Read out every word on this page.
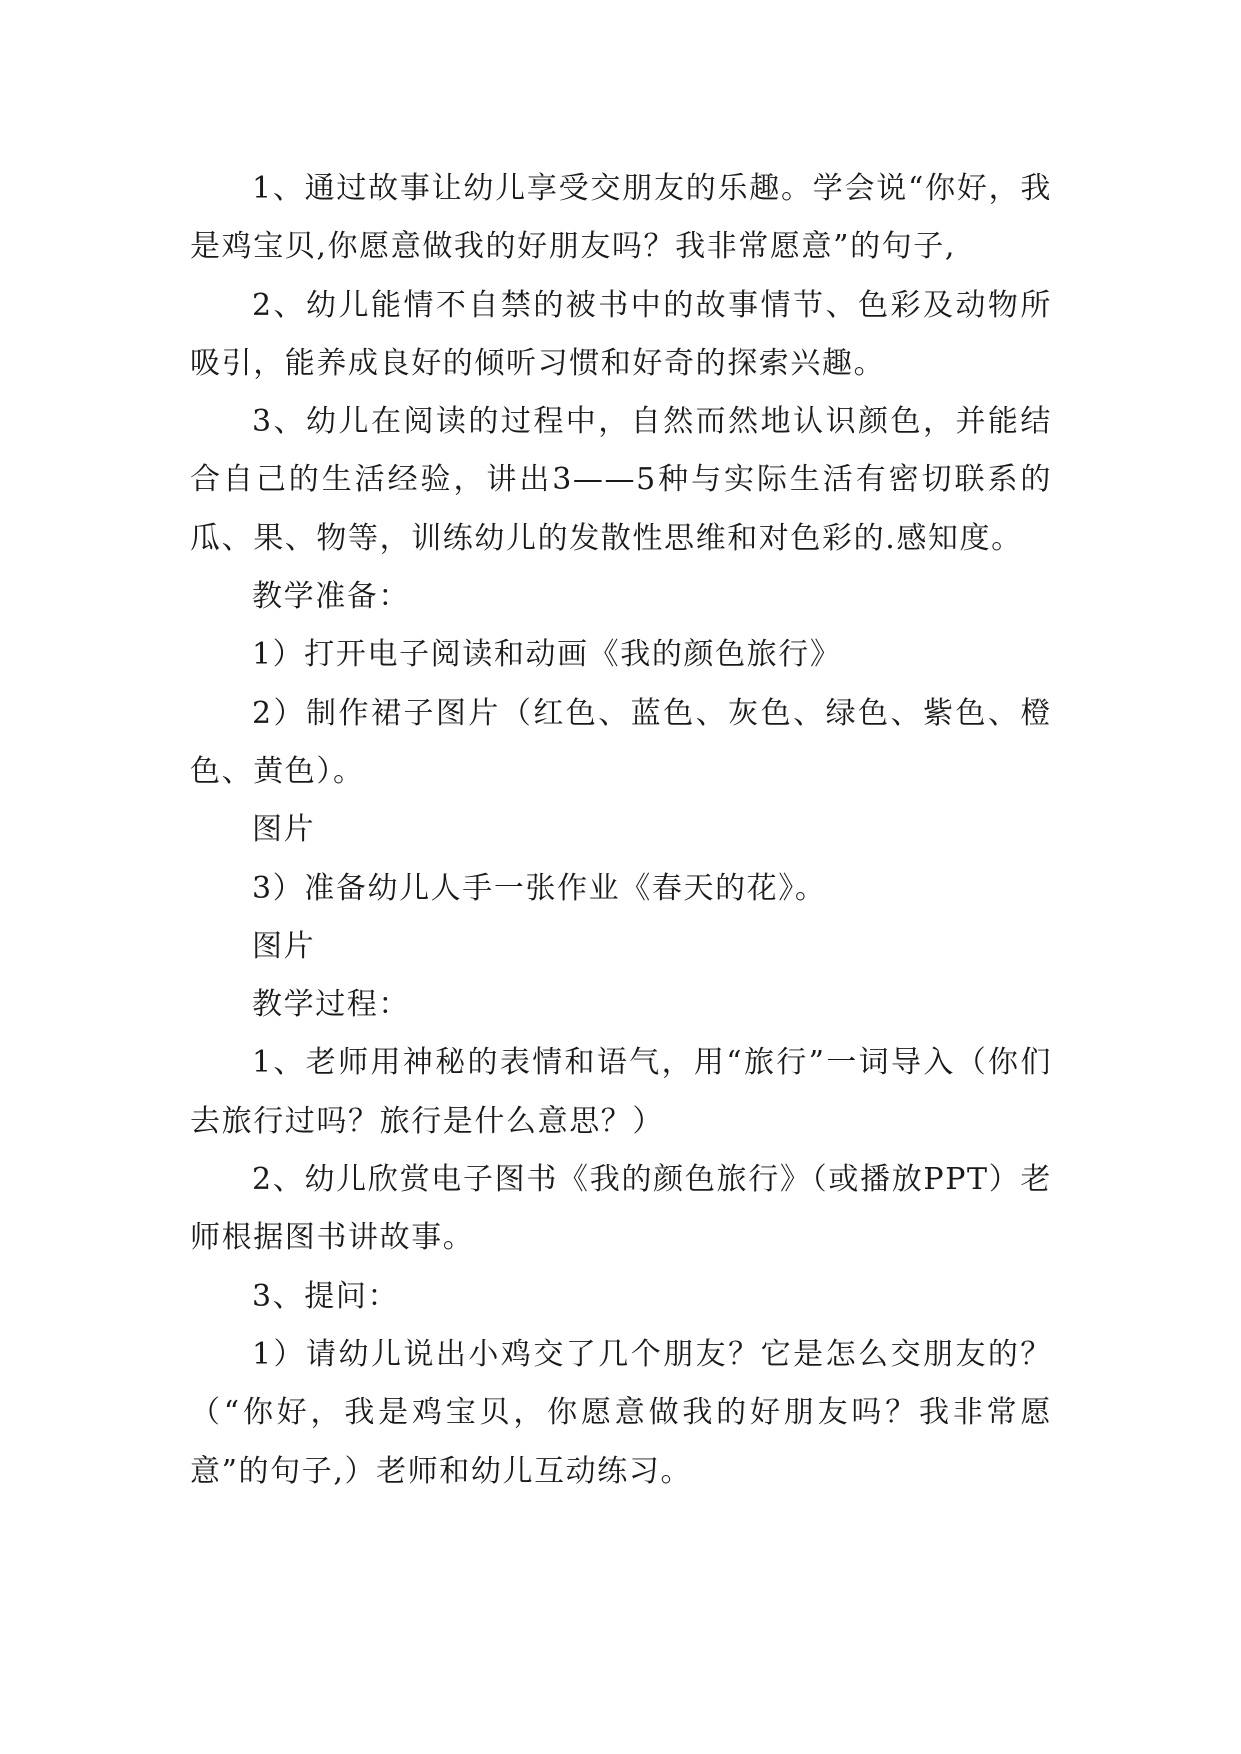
1、通过故事让幼儿享受交朋友的乐趣。学会说“你好，我是鸡宝贝,你愿意做我的好朋友吗？我非常愿意”的句子,

2、幼儿能情不自禁的被书中的故事情节、色彩及动物所吸引，能养成良好的倾听习惯和好奇的探索兴趣。

3、幼儿在阅读的过程中，自然而然地认识颜色，并能结合自己的生活经验，讲出3——5种与实际生活有密切联系的瓜、果、物等，训练幼儿的发散性思维和对色彩的.感知度。

教学准备：

1）打开电子阅读和动画《我的颜色旅行》

2）制作裙子图片（红色、蓝色、灰色、绿色、紫色、橙色、黄色）。

图片

3）准备幼儿人手一张作业《春天的花》。

图片

教学过程：

1、老师用神秘的表情和语气，用“旅行”一词导入（你们去旅行过吗？旅行是什么意思？）

2、幼儿欣赏电子图书《我的颜色旅行》（或播放PPT）老师根据图书讲故事。

3、提问：

1）请幼儿说出小鸡交了几个朋友？它是怎么交朋友的？（“你好，我是鸡宝贝，你愿意做我的好朋友吗？我非常愿意”的句子,）老师和幼儿互动练习。
